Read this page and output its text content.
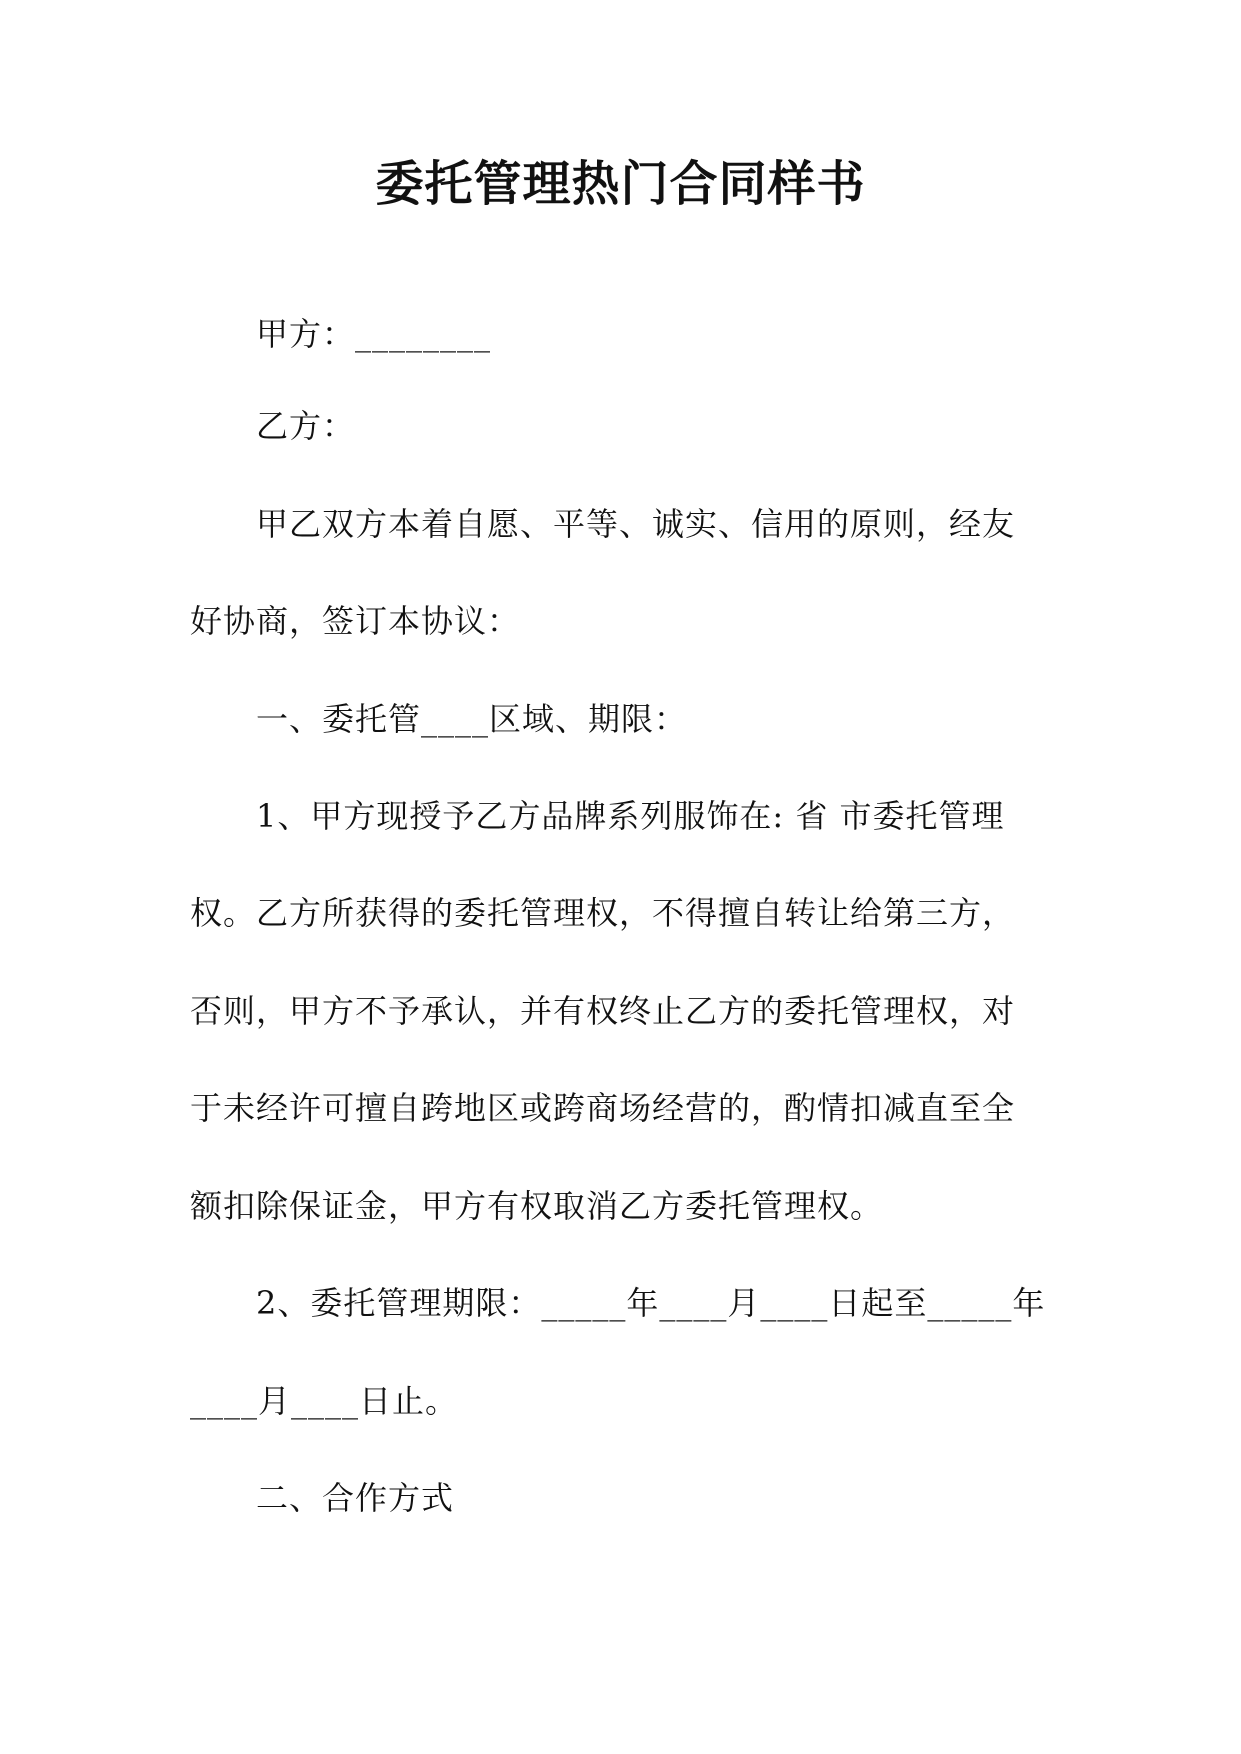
委托管理热门合同样书
甲方：________
乙方：
甲乙双方本着自愿、平等、诚实、信用的原则，经友
好协商，签订本协议：
一、委托管____区域、期限：
1、甲方现授予乙方品牌系列服饰在: 省 市委托管理
权。乙方所获得的委托管理权，不得擅自转让给第三方，
否则，甲方不予承认，并有权终止乙方的委托管理权，对
于未经许可擅自跨地区或跨商场经营的，酌情扣减直至全
额扣除保证金，甲方有权取消乙方委托管理权。
2、委托管理期限：_____年____月____日起至_____年
____月____日止。
二、合作方式
